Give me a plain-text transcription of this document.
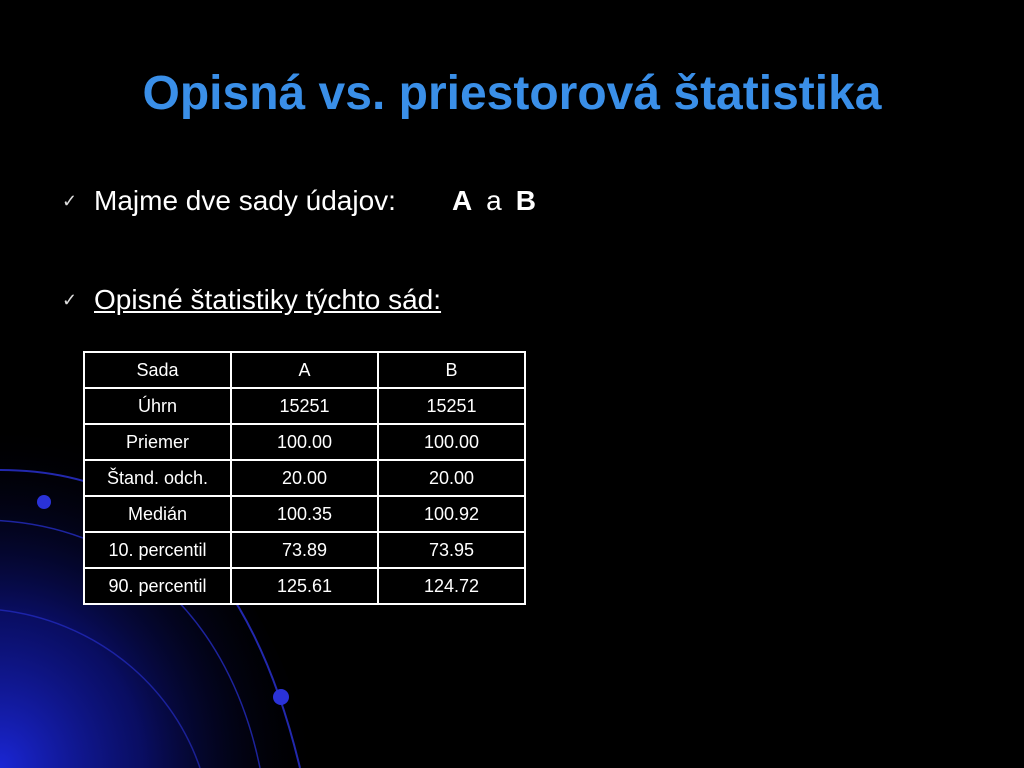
Opisná vs. priestorová štatistika
✓ Majme dve sady údajov: A a B
✓ Opisné štatistiky týchto sád:
Sada	A	B
Úhrn	15251	15251
Priemer	100.00	100.00
Štand. odch.	20.00	20.00
Medián	100.35	100.92
10. percentil	73.89	73.95
90. percentil	125.61	124.72
